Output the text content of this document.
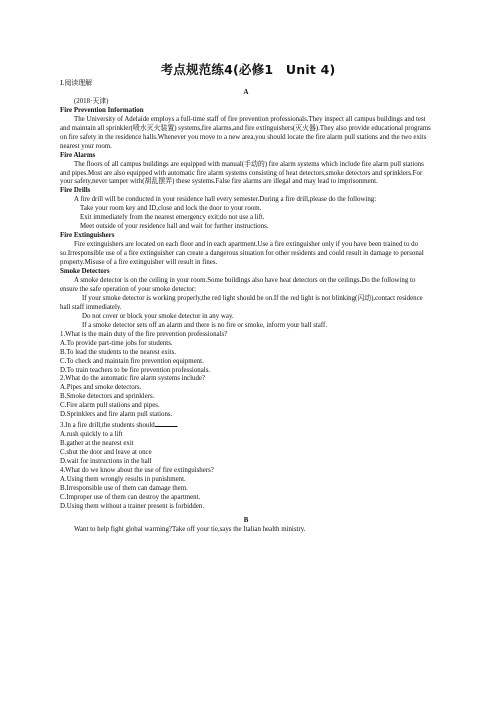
考点规范练4(必修1　Unit 4)

Ⅰ.阅读理解

A

(2018·天津)

Fire Prevention Information

The University of Adelaide employs a full-time staff of fire prevention professionals.They inspect all campus buildings and test and maintain all sprinkler(喷水灭火装置) systems,fire alarms,and fire extinguishers(灭火器).They also provide educational programs on fire safety in the residence halls.Whenever you move to a new area,you should locate the fire alarm pull stations and the two exits nearest your room.

Fire Alarms

The floors of all campus buildings are equipped with manual(手动的) fire alarm systems which include fire alarm pull stations and pipes.Most are also equipped with automatic fire alarm systems consisting of heat detectors,smoke detectors and sprinklers.For your safety,never tamper with(胡乱摆弄) these systems.False fire alarms are illegal and may lead to imprisonment.

Fire Drills

A fire drill will be conducted in your residence hall every semester.During a fire drill,please do the following:

Take your room key and ID,close and lock the door to your room.

Exit immediately from the nearest emergency exit;do not use a lift.

Meet outside of your residence hall and wait for further instructions.

Fire Extinguishers

Fire extinguishers are located on each floor and in each apartment.Use a fire extinguisher only if you have been trained to do so.Irresponsible use of a fire extinguisher can create a dangerous situation for other residents and could result in damage to personal property.Misuse of a fire extinguisher will result in fines.

Smoke Detectors

A smoke detector is on the ceiling in your room.Some buildings also have heat detectors on the ceilings.Do the following to ensure the safe operation of your smoke detector:

If your smoke detector is working properly,the red light should be on.If the red light is not blinking(闪动),contact residence hall staff immediately.

Do not cover or block your smoke detector in any way.

If a smoke detector sets off an alarm and there is no fire or smoke, inform your hall staff.

1.What is the main duty of the fire prevention professionals?

A.To provide part-time jobs for students.

B.To lead the students to the nearest exits.

C.To check and maintain fire prevention equipment.

D.To train teachers to be fire prevention professionals.

2.What do the automatic fire alarm systems include?

A.Pipes and smoke detectors.

B.Smoke detectors and sprinklers.

C.Fire alarm pull stations and pipes.

D.Sprinklers and fire alarm pull stations.

3.In a fire drill,the students should	.

A.rush quickly to a lift

B.gather at the nearest exit

C.shut the door and leave at once

D.wait for instructions in the hall

4.What do we know about the use of fire extinguishers?

A.Using them wrongly results in punishment.

B.Irresponsible use of them can damage them.

C.Improper use of them can destroy the apartment.

D.Using them without a trainer present is forbidden.

B

Want to help fight global warming?Take off your tie,says the Italian health ministry.
